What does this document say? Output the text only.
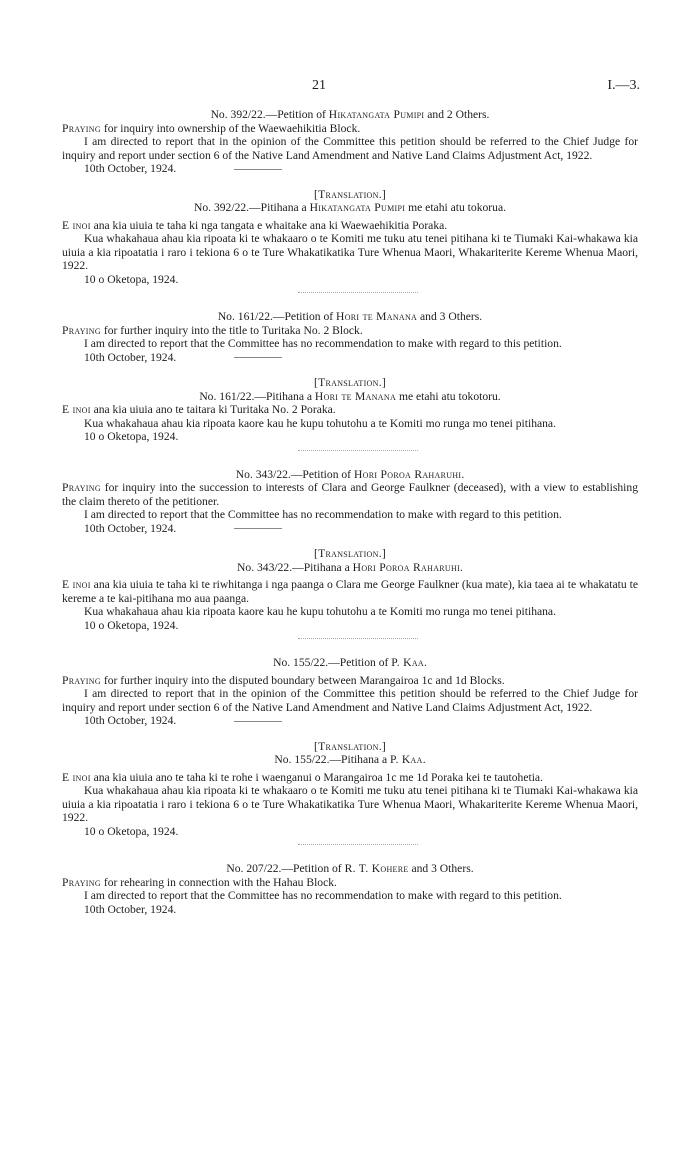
21	I.—3.

No. 392/22.—Petition of Hikatangata Pumipi and 2 Others.

Praying for inquiry into ownership of the Waewaehikitia Block.

I am directed to report that in the opinion of the Committee this petition should be referred to the Chief Judge for inquiry and report under section 6 of the Native Land Amendment and Native Land Claims Adjustment Act, 1922.

10th October, 1924.

[Translation.]

No. 392/22.—Pitihana a Hikatangata Pumipi me etahi atu tokorua.

E inoi ana kia uiuia te taha ki nga tangata e whaitake ana ki Waewaehikitia Poraka.

Kua whakahaua ahau kia ripoata ki te whakaaro o te Komiti me tuku atu tenei pitihana ki te Tiumaki Kai-whakawa kia uiuia a kia ripoatatia i raro i tekiona 6 o te Ture Whakatikatika Ture Whenua Maori, Whakariterite Kereme Whenua Maori, 1922.

10 o Oketopa, 1924.

No. 161/22.—Petition of Hori te Manana and 3 Others.

Praying for further inquiry into the title to Turitaka No. 2 Block.

I am directed to report that the Committee has no recommendation to make with regard to this petition.

10th October, 1924.

[Translation.]

No. 161/22.—Pitihana a Hori te Manana me etahi atu tokotoru.

E inoi ana kia uiuia ano te taitara ki Turitaka No. 2 Poraka.

Kua whakahaua ahau kia ripoata kaore kau he kupu tohutohu a te Komiti mo runga mo tenei pitihana.

10 o Oketopa, 1924.

No. 343/22.—Petition of Hori Poroa Raharuhi.

Praying for inquiry into the succession to interests of Clara and George Faulkner (deceased), with a view to establishing the claim thereto of the petitioner.

I am directed to report that the Committee has no recommendation to make with regard to this petition.

10th October, 1924.

[Translation.]

No. 343/22.—Pitihana a Hori Poroa Raharuhi.

E inoi ana kia uiuia te taha ki te riwhitanga i nga paanga o Clara me George Faulkner (kua mate), kia taea ai te whakatatu te kereme a te kai-pitihana mo aua paanga.

Kua whakahaua ahau kia ripoata kaore kau he kupu tohutohu a te Komiti mo runga mo tenei pitihana.

10 o Oketopa, 1924.

No. 155/22.—Petition of P. Kaa.

Praying for further inquiry into the disputed boundary between Marangairoa 1c and 1d Blocks.

I am directed to report that in the opinion of the Committee this petition should be referred to the Chief Judge for inquiry and report under section 6 of the Native Land Amendment and Native Land Claims Adjustment Act, 1922.

10th October, 1924.

[Translation.]

No. 155/22.—Pitihana a P. Kaa.

E inoi ana kia uiuia ano te taha ki te rohe i waenganui o Marangairoa 1c me 1d Poraka kei te tautohetia.

Kua whakahaua ahau kia ripoata ki te whakaaro o te Komiti me tuku atu tenei pitihana ki te Tiumaki Kai-whakawa kia uiuia a kia ripoatatia i raro i tekiona 6 o te Ture Whakatikatika Ture Whenua Maori, Whakariterite Kereme Whenua Maori, 1922.

10 o Oketopa, 1924.

No. 207/22.—Petition of R. T. Kohere and 3 Others.

Praying for rehearing in connection with the Hahau Block.

I am directed to report that the Committee has no recommendation to make with regard to this petition.

10th October, 1924.
